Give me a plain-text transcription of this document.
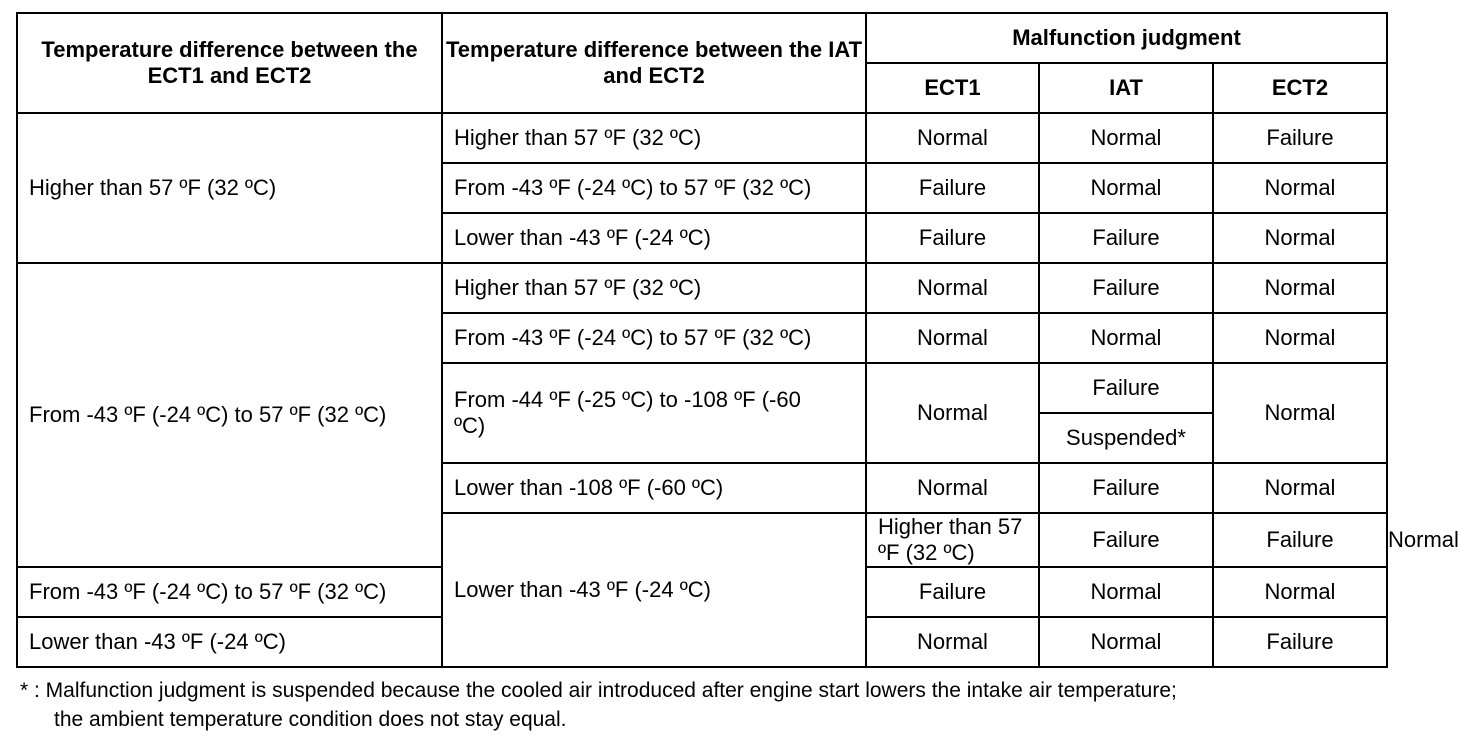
Temperature difference between the ECT1 and ECT2	Temperature difference between the IAT and ECT2	Malfunction judgment			
		ECT1	IAT	ECT2	
Higher than 57 ºF (32 ºC)	Higher than 57 ºF (32 ºC)	Normal	Normal	Failure	
	From -43 ºF (-24 ºC) to 57 ºF (32 ºC)	Failure	Normal	Normal	
	Lower than -43 ºF (-24 ºC)	Failure	Failure	Normal	
From -43 ºF (-24 ºC) to 57 ºF (32 ºC)	Higher than 57 ºF (32 ºC)	Normal	Failure	Normal	
	From -43 ºF (-24 ºC) to 57 ºF (32 ºC)	Normal	Normal	Normal	
	From -44 ºF (-25 ºC) to -108 ºF (-60 ºC)	Normal	Failure	Normal	
			Suspended*		
	Lower than -108 ºF (-60 ºC)	Normal	Failure	Normal	
	Lower than -43 ºF (-24 ºC)	Higher than 57 ºF (32 ºC)	Failure	Failure	Normal
From -43 ºF (-24 ºC) to 57 ºF (32 ºC)		Failure	Normal	Normal	
Lower than -43 ºF (-24 ºC)		Normal	Normal	Failure	
* : Malfunction judgment is suspended because the cooled air introduced after engine start lowers the intake air temperature;
the ambient temperature condition does not stay equal.
